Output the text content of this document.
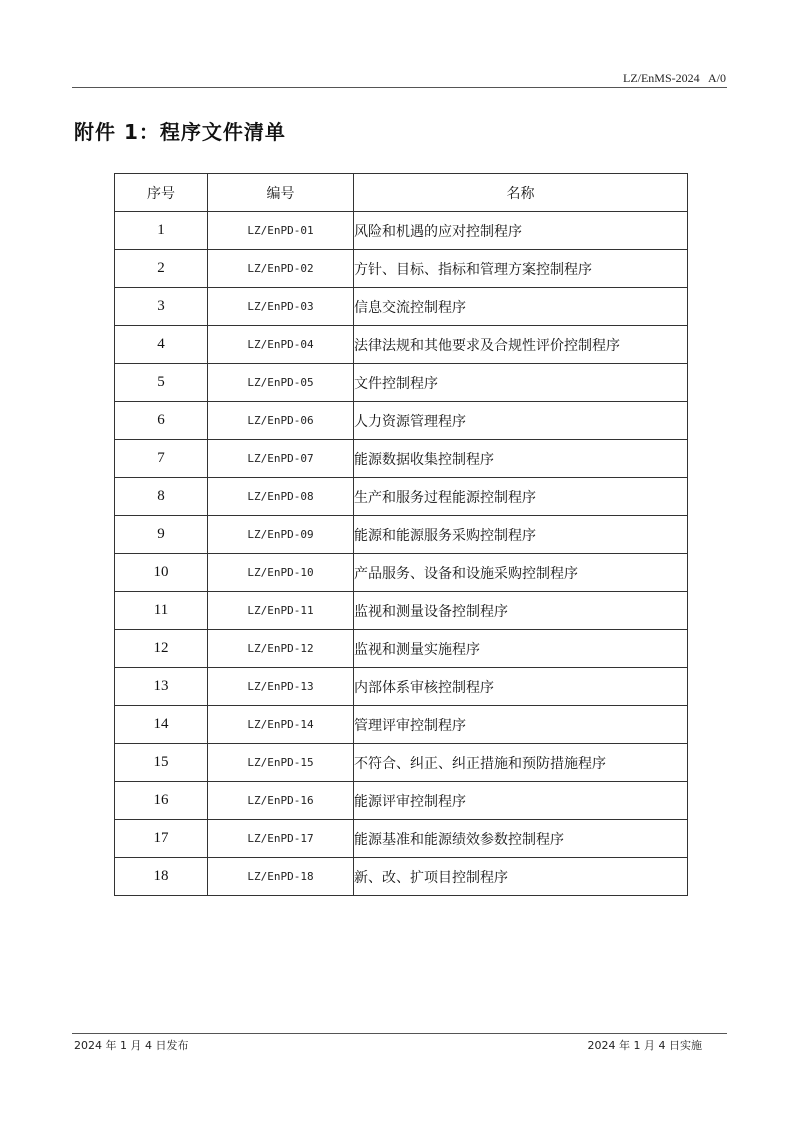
LZ/EnMS-2024   A/0
附件 1：程序文件清单
序号	编号	名称
1	LZ/EnPD-01	风险和机遇的应对控制程序
2	LZ/EnPD-02	方针、目标、指标和管理方案控制程序
3	LZ/EnPD-03	信息交流控制程序
4	LZ/EnPD-04	法律法规和其他要求及合规性评价控制程序
5	LZ/EnPD-05	文件控制程序
6	LZ/EnPD-06	人力资源管理程序
7	LZ/EnPD-07	能源数据收集控制程序
8	LZ/EnPD-08	生产和服务过程能源控制程序
9	LZ/EnPD-09	能源和能源服务采购控制程序
10	LZ/EnPD-10	产品服务、设备和设施采购控制程序
11	LZ/EnPD-11	监视和测量设备控制程序
12	LZ/EnPD-12	监视和测量实施程序
13	LZ/EnPD-13	内部体系审核控制程序
14	LZ/EnPD-14	管理评审控制程序
15	LZ/EnPD-15	不符合、纠正、纠正措施和预防措施程序
16	LZ/EnPD-16	能源评审控制程序
17	LZ/EnPD-17	能源基准和能源绩效参数控制程序
18	LZ/EnPD-18	新、改、扩项目控制程序
2024 年 1 月 4 日发布	2024 年 1 月 4 日实施
